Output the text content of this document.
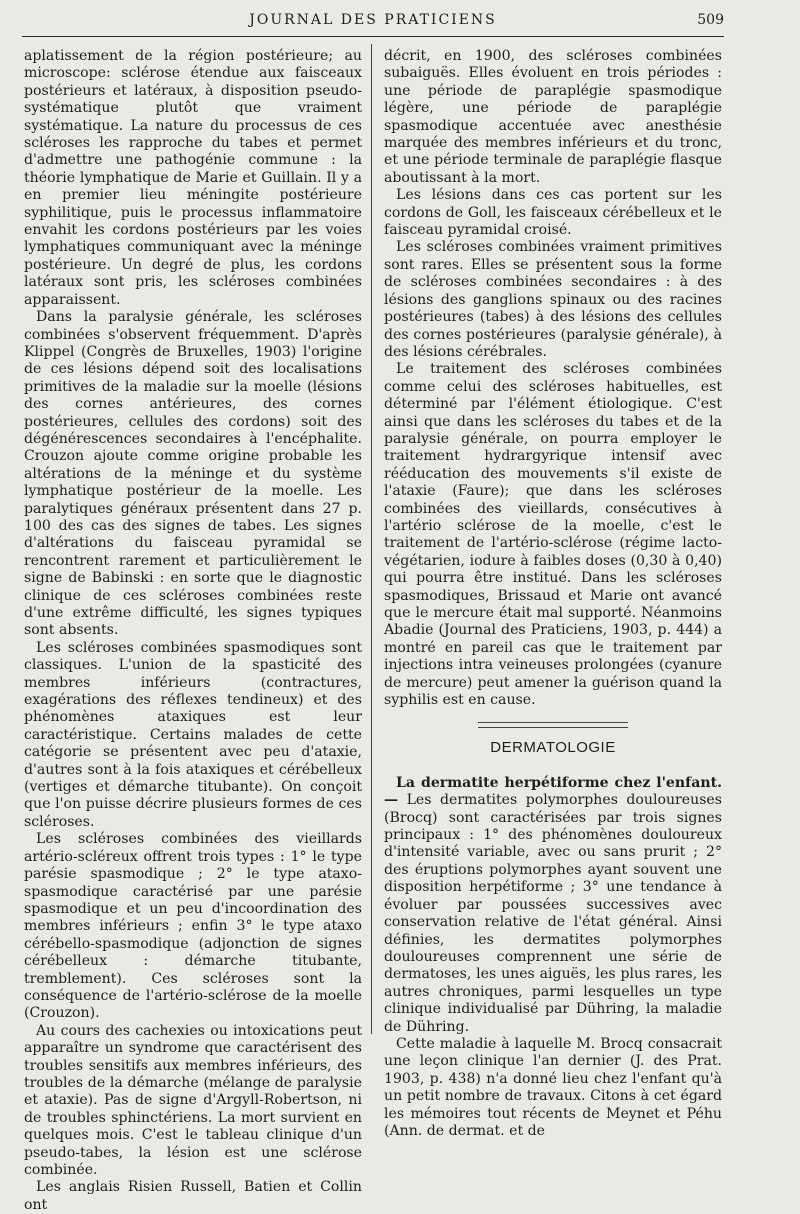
JOURNAL DES PRATICIENS	509

aplatissement de la région postérieure; au microscope: sclérose étendue aux faisceaux postérieurs et latéraux, à disposition pseudo-systématique plutôt que vraiment systématique. La nature du processus de ces scléroses les rapproche du tabes et permet d'admettre une pathogénie commune : la théorie lymphatique de Marie et Guillain. Il y a en premier lieu méningite postérieure syphilitique, puis le processus inflammatoire envahit les cordons postérieurs par les voies lymphatiques communiquant avec la méninge postérieure. Un degré de plus, les cordons latéraux sont pris, les scléroses combinées apparaissent.

Dans la paralysie générale, les scléroses combinées s'observent fréquemment. D'après Klippel (Congrès de Bruxelles, 1903) l'origine de ces lésions dépend soit des localisations primitives de la maladie sur la moelle (lésions des cornes antérieures, des cornes postérieures, cellules des cordons) soit des dégénérescences secondaires à l'encéphalite. Crouzon ajoute comme origine probable les altérations de la méninge et du système lymphatique postérieur de la moelle. Les paralytiques généraux présentent dans 27 p. 100 des cas des signes de tabes. Les signes d'altérations du faisceau pyramidal se rencontrent rarement et particulièrement le signe de Babinski : en sorte que le diagnostic clinique de ces scléroses combinées reste d'une extrême difficulté, les signes typiques sont absents.

Les scléroses combinées spasmodiques sont classiques. L'union de la spasticité des membres inférieurs (contractures, exagérations des réflexes tendineux) et des phénomènes ataxiques est leur caractéristique. Certains malades de cette catégorie se présentent avec peu d'ataxie, d'autres sont à la fois ataxiques et cérébelleux (vertiges et démarche titubante). On conçoit que l'on puisse décrire plusieurs formes de ces scléroses.

Les scléroses combinées des vieillards artério-scléreux offrent trois types : 1° le type parésie spasmodique ; 2° le type ataxo-spasmodique caractérisé par une parésie spasmodique et un peu d'incoordination des membres inférieurs ; enfin 3° le type ataxo cérébello-spasmodique (adjonction de signes cérébelleux : démarche titubante, tremblement). Ces scléroses sont la conséquence de l'artério-sclérose de la moelle (Crouzon).

Au cours des cachexies ou intoxications peut apparaître un syndrome que caractérisent des troubles sensitifs aux membres inférieurs, des troubles de la démarche (mélange de paralysie et ataxie). Pas de signe d'Argyll-Robertson, ni de troubles sphinctériens. La mort survient en quelques mois. C'est le tableau clinique d'un pseudo-tabes, la lésion est une sclérose combinée.

Les anglais Risien Russell, Batien et Collin ont

décrit, en 1900, des scléroses combinées subaiguës. Elles évoluent en trois périodes : une période de paraplégie spasmodique légère, une période de paraplégie spasmodique accentuée avec anesthésie marquée des membres inférieurs et du tronc, et une période terminale de paraplégie flasque aboutissant à la mort.

Les lésions dans ces cas portent sur les cordons de Goll, les faisceaux cérébelleux et le faisceau pyramidal croisé.

Les scléroses combinées vraiment primitives sont rares. Elles se présentent sous la forme de scléroses combinées secondaires : à des lésions des ganglions spinaux ou des racines postérieures (tabes) à des lésions des cellules des cornes postérieures (paralysie générale), à des lésions cérébrales.

Le traitement des scléroses combinées comme celui des scléroses habituelles, est déterminé par l'élément étiologique. C'est ainsi que dans les scléroses du tabes et de la paralysie générale, on pourra employer le traitement hydrargyrique intensif avec rééducation des mouvements s'il existe de l'ataxie (Faure); que dans les scléroses combinées des vieillards, consécutives à l'artério sclérose de la moelle, c'est le traitement de l'artério-sclérose (régime lacto-végétarien, iodure à faibles doses (0,30 à 0,40) qui pourra être institué. Dans les scléroses spasmodiques, Brissaud et Marie ont avancé que le mercure était mal supporté. Néanmoins Abadie (Journal des Praticiens, 1903, p. 444) a montré en pareil cas que le traitement par injections intra veineuses prolongées (cyanure de mercure) peut amener la guérison quand la syphilis est en cause.

DERMATOLOGIE

La dermatite herpétiforme chez l'enfant. — Les dermatites polymorphes douloureuses (Brocq) sont caractérisées par trois signes principaux : 1° des phénomènes douloureux d'intensité variable, avec ou sans prurit ; 2° des éruptions polymorphes ayant souvent une disposition herpétiforme ; 3° une tendance à évoluer par poussées successives avec conservation relative de l'état général. Ainsi définies, les dermatites polymorphes douloureuses comprennent une série de dermatoses, les unes aiguës, les plus rares, les autres chroniques, parmi lesquelles un type clinique individualisé par Dühring, la maladie de Dühring.

Cette maladie à laquelle M. Brocq consacrait une leçon clinique l'an dernier (J. des Prat. 1903, p. 438) n'a donné lieu chez l'enfant qu'à un petit nombre de travaux. Citons à cet égard les mémoires tout récents de Meynet et Péhu (Ann. de dermat. et de
